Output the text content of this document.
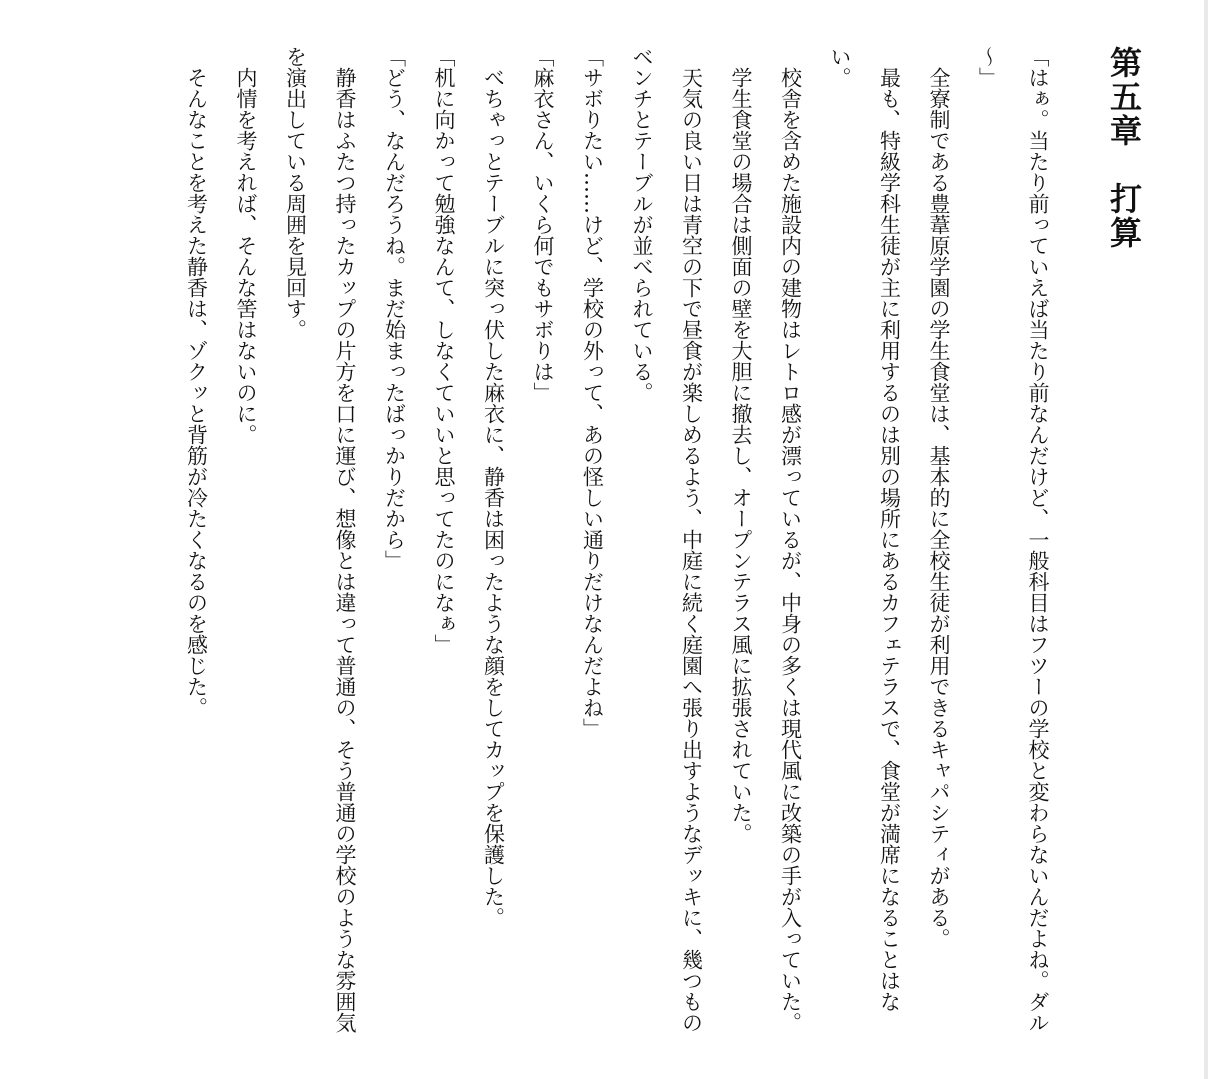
第五章　打算

「はぁ。当たり前っていえば当たり前なんだけど、一般科目はフツーの学校と変わらないんだよね。ダル～」

全寮制である豊葦原学園の学生食堂は、基本的に全校生徒が利用できるキャパシティがある。

最も、特級学科生徒が主に利用するのは別の場所にあるカフェテラスで、食堂が満席になることはない。

校舎を含めた施設内の建物はレトロ感が漂っているが、中身の多くは現代風に改築の手が入っていた。

学生食堂の場合は側面の壁を大胆に撤去し、オープンテラス風に拡張されていた。

天気の良い日は青空の下で昼食が楽しめるよう、中庭に続く庭園へ張り出すようなデッキに、幾つものベンチとテーブルが並べられている。

「サボりたい……けど、学校の外って、あの怪しい通りだけなんだよね」

「麻衣さん、いくら何でもサボりは」

べちゃっとテーブルに突っ伏した麻衣に、静香は困ったような顔をしてカップを保護した。

「机に向かって勉強なんて、しなくていいと思ってたのになぁ」

「どう、なんだろうね。まだ始まったばっかりだから」

静香はふたつ持ったカップの片方を口に運び、想像とは違って普通の、そう普通の学校のような雰囲気を演出している周囲を見回す。

内情を考えれば、そんな筈はないのに。

そんなことを考えた静香は、ゾクッと背筋が冷たくなるのを感じた。
